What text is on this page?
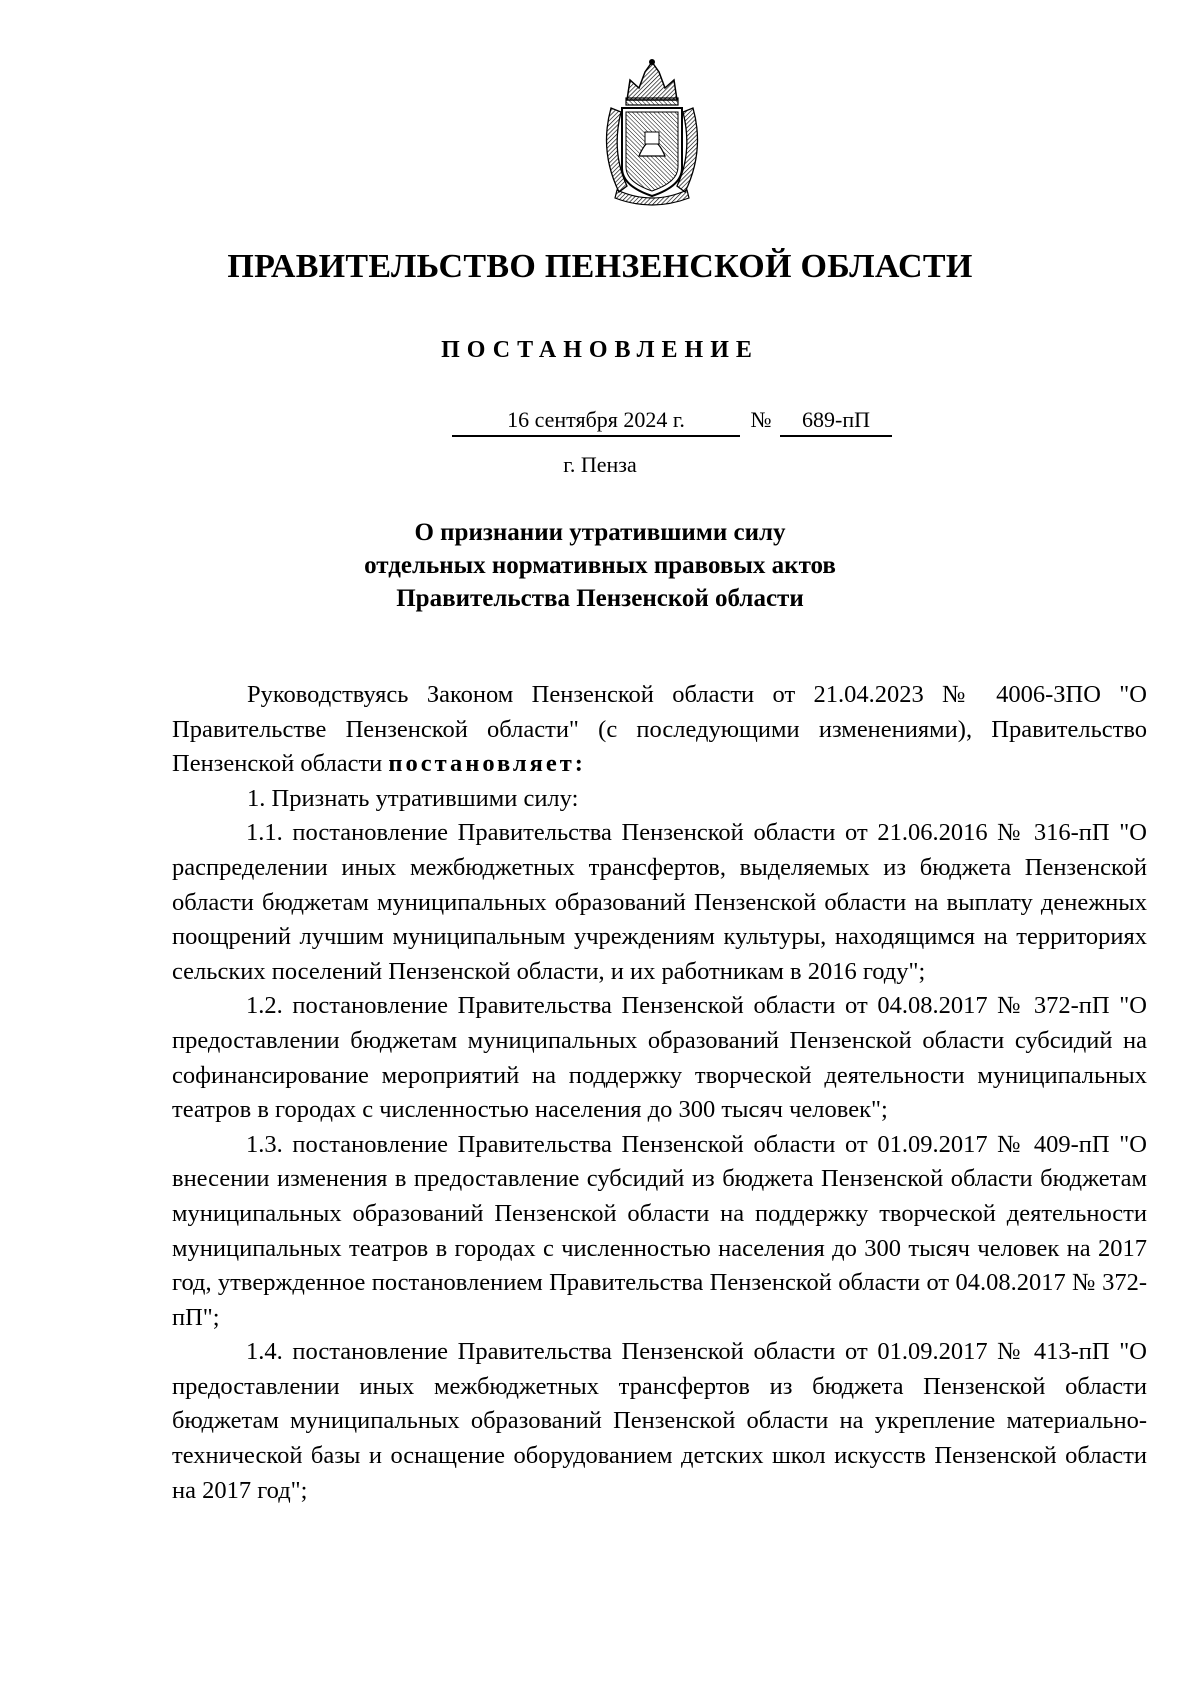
ПРАВИТЕЛЬСТВО ПЕНЗЕНСКОЙ ОБЛАСТИ
ПОСТАНОВЛЕНИЕ
16 сентября 2024 г.	№	689-пП
г. Пенза
О признании утратившими силу
отдельных нормативных правовых актов
Правительства Пензенской области

Руководствуясь Законом Пензенской области от 21.04.2023 № 4006-ЗПО "О Правительстве Пензенской области" (с последующими изменениями), Правительство Пензенской области постановляет:

1. Признать утратившими силу:

1.1. постановление Правительства Пензенской области от 21.06.2016 № 316-пП "О распределении иных межбюджетных трансфертов, выделяемых из бюджета Пензенской области бюджетам муниципальных образований Пензенской области на выплату денежных поощрений лучшим муниципальным учреждениям культуры, находящимся на территориях сельских поселений Пензенской области, и их работникам в 2016 году";

1.2. постановление Правительства Пензенской области от 04.08.2017 № 372-пП "О предоставлении бюджетам муниципальных образований Пензенской области субсидий на софинансирование мероприятий на поддержку творческой деятельности муниципальных театров в городах с численностью населения до 300 тысяч человек";

1.3. постановление Правительства Пензенской области от 01.09.2017 № 409-пП "О внесении изменения в предоставление субсидий из бюджета Пензенской области бюджетам муниципальных образований Пензенской области на поддержку творческой деятельности муниципальных театров в городах с численностью населения до 300 тысяч человек на 2017 год, утвержденное постановлением Правительства Пензенской области от 04.08.2017 № 372-пП";

1.4. постановление Правительства Пензенской области от 01.09.2017 № 413-пП "О предоставлении иных межбюджетных трансфертов из бюджета Пензенской области бюджетам муниципальных образований Пензенской области на укрепление материально-технической базы и оснащение оборудованием детских школ искусств Пензенской области на 2017 год";
